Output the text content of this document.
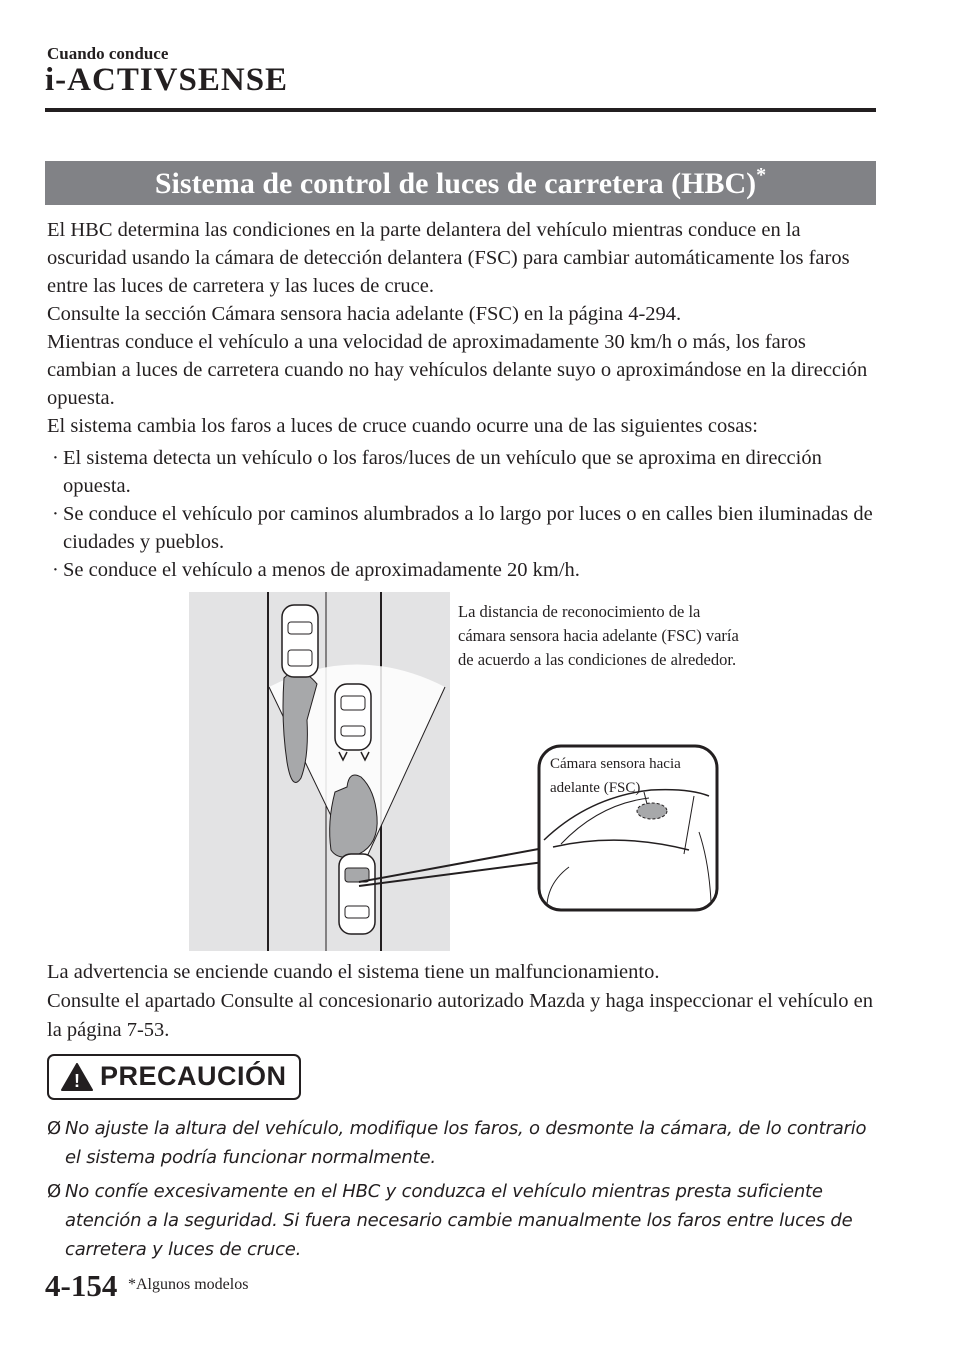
Cuando conduce
i-ACTIVSENSE
Sistema de control de luces de carretera (HBC)*

El HBC determina las condiciones en la parte delantera del vehículo mientras conduce en la oscuridad usando la cámara de detección delantera (FSC) para cambiar automáticamente los faros entre las luces de carretera y las luces de cruce.

Consulte la sección Cámara sensora hacia adelante (FSC) en la página 4-294.

Mientras conduce el vehículo a una velocidad de aproximadamente 30 km/h o más, los faros cambian a luces de carretera cuando no hay vehículos delante suyo o aproximándose en la dirección opuesta.

El sistema cambia los faros a luces de cruce cuando ocurre una de las siguientes cosas:

· El sistema detecta un vehículo o los faros/luces de un vehículo que se aproxima en dirección opuesta.
· Se conduce el vehículo por caminos alumbrados a lo largo por luces o en calles bien iluminadas de ciudades y pueblos.
· Se conduce el vehículo a menos de aproximadamente 20 km/h.
La distancia de reconocimiento de la cámara sensora hacia adelante (FSC) varía de acuerdo a las condiciones de alrededor.
Cámara sensora hacia adelante (FSC)

La advertencia se enciende cuando el sistema tiene un malfuncionamiento.

Consulte el apartado Consulte al concesionario autorizado Mazda y haga inspeccionar el vehículo en la página 7-53.

! PRECAUCIÓN
Ø No ajuste la altura del vehículo, modifique los faros, o desmonte la cámara, de lo contrario el sistema podría funcionar normalmente.
Ø No confíe excesivamente en el HBC y conduzca el vehículo mientras presta suficiente atención a la seguridad. Si fuera necesario cambie manualmente los faros entre luces de carretera y luces de cruce.
4-154 *Algunos modelos
